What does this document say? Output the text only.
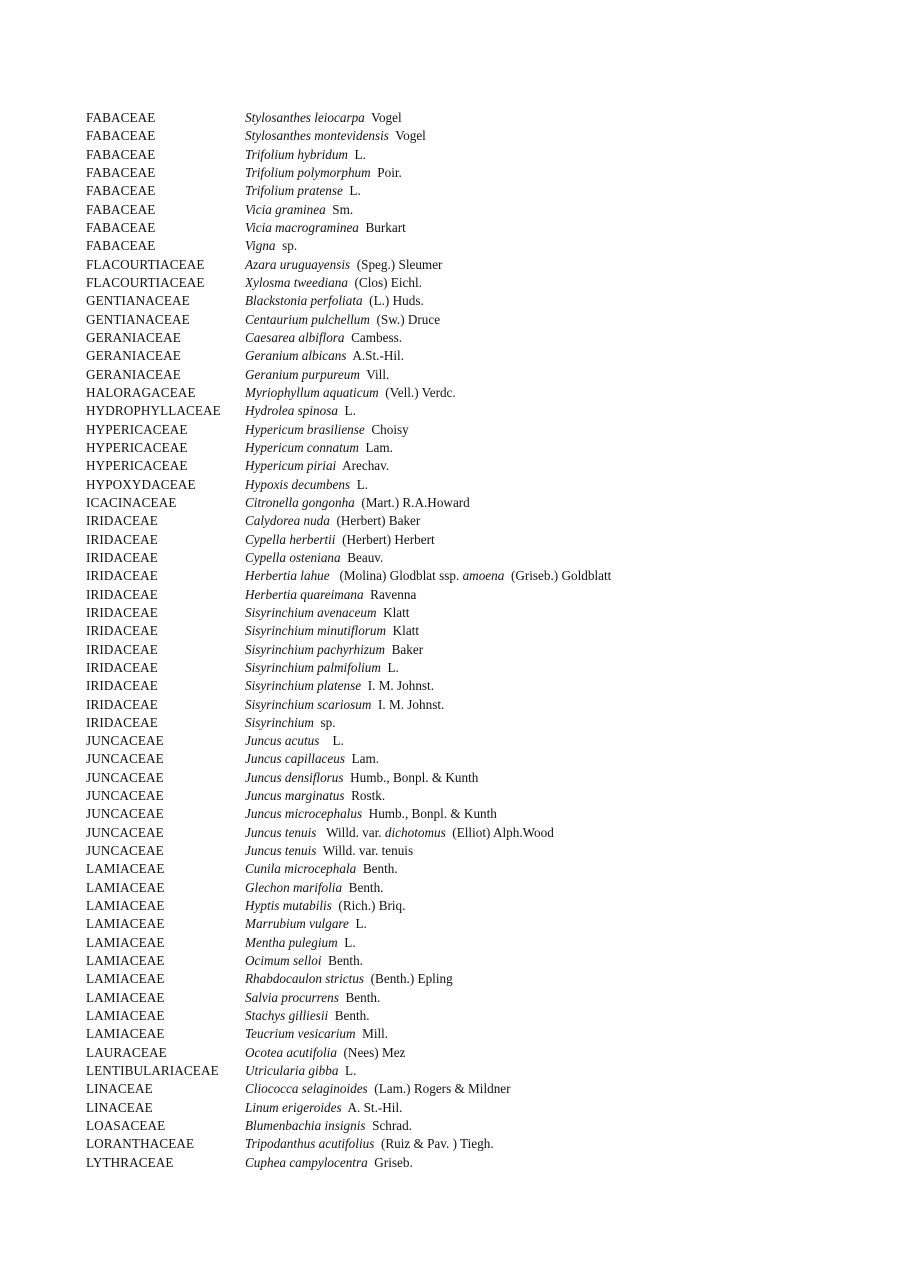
FABACEAE	Stylosanthes leiocarpa  Vogel
FABACEAE	Stylosanthes montevidensis  Vogel
FABACEAE	Trifolium hybridum  L.
FABACEAE	Trifolium polymorphum  Poir.
FABACEAE	Trifolium pratense  L.
FABACEAE	Vicia graminea  Sm.
FABACEAE	Vicia macrograminea  Burkart
FABACEAE	Vigna  sp.
FLACOURTIACEAE	Azara uruguayensis  (Speg.) Sleumer
FLACOURTIACEAE	Xylosma tweediana  (Clos) Eichl.
GENTIANACEAE	Blackstonia perfoliata  (L.) Huds.
GENTIANACEAE	Centaurium pulchellum  (Sw.) Druce
GERANIACEAE	Caesarea albiflora  Cambess.
GERANIACEAE	Geranium albicans  A.St.-Hil.
GERANIACEAE	Geranium purpureum  Vill.
HALORAGACEAE	Myriophyllum aquaticum  (Vell.) Verdc.
HYDROPHYLLACEAE	Hydrolea spinosa  L.
HYPERICACEAE	Hypericum brasiliense  Choisy
HYPERICACEAE	Hypericum connatum  Lam.
HYPERICACEAE	Hypericum piriai  Arechav.
HYPOXYDACEAE	Hypoxis decumbens  L.
ICACINACEAE	Citronella gongonha  (Mart.) R.A.Howard
IRIDACEAE	Calydorea nuda  (Herbert) Baker
IRIDACEAE	Cypella herbertii  (Herbert) Herbert
IRIDACEAE	Cypella osteniana  Beauv.
IRIDACEAE	Herbertia lahue   (Molina) Glodblat ssp. amoena  (Griseb.) Goldblatt
IRIDACEAE	Herbertia quareimana  Ravenna
IRIDACEAE	Sisyrinchium avenaceum  Klatt
IRIDACEAE	Sisyrinchium minutiflorum  Klatt
IRIDACEAE	Sisyrinchium pachyrhizum  Baker
IRIDACEAE	Sisyrinchium palmifolium  L.
IRIDACEAE	Sisyrinchium platense  I. M. Johnst.
IRIDACEAE	Sisyrinchium scariosum  I. M. Johnst.
IRIDACEAE	Sisyrinchium  sp.
JUNCACEAE	Juncus acutus    L.
JUNCACEAE	Juncus capillaceus  Lam.
JUNCACEAE	Juncus densiflorus  Humb., Bonpl. & Kunth
JUNCACEAE	Juncus marginatus  Rostk.
JUNCACEAE	Juncus microcephalus  Humb., Bonpl. & Kunth
JUNCACEAE	Juncus tenuis   Willd. var. dichotomus  (Elliot) Alph.Wood
JUNCACEAE	Juncus tenuis  Willd. var. tenuis
LAMIACEAE	Cunila microcephala  Benth.
LAMIACEAE	Glechon marifolia  Benth.
LAMIACEAE	Hyptis mutabilis  (Rich.) Briq.
LAMIACEAE	Marrubium vulgare  L.
LAMIACEAE	Mentha pulegium  L.
LAMIACEAE	Ocimum selloi  Benth.
LAMIACEAE	Rhabdocaulon strictus  (Benth.) Epling
LAMIACEAE	Salvia procurrens  Benth.
LAMIACEAE	Stachys gilliesii  Benth.
LAMIACEAE	Teucrium vesicarium  Mill.
LAURACEAE	Ocotea acutifolia  (Nees) Mez
LENTIBULARIACEAE	Utricularia gibba  L.
LINACEAE	Cliococca selaginoides  (Lam.) Rogers & Mildner
LINACEAE	Linum erigeroides  A. St.-Hil.
LOASACEAE	Blumenbachia insignis  Schrad.
LORANTHACEAE	Tripodanthus acutifolius  (Ruiz & Pav. ) Tiegh.
LYTHRACEAE	Cuphea campylocentra  Griseb.
